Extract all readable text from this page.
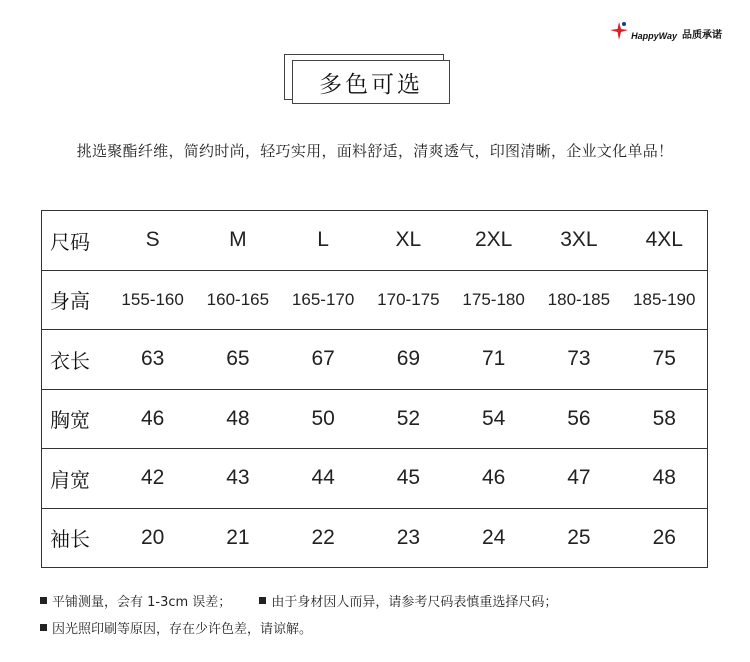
HappyWay 品质承诺
多色可选
挑选聚酯纤维，简约时尚，轻巧实用，面料舒适，清爽透气，印图清晰，企业文化单品！
尺码	S	M	L	XL	2XL	3XL	4XL
身高	155-160	160-165	165-170	170-175	175-180	180-185	185-190
衣长	63	65	67	69	71	73	75
胸宽	46	48	50	52	54	56	58
肩宽	42	43	44	45	46	47	48
袖长	20	21	22	23	24	25	26
平铺测量，会有 1-3cm 误差；	由于身材因人而异，请参考尺码表慎重选择尺码；
因光照印刷等原因，存在少许色差，请谅解。
